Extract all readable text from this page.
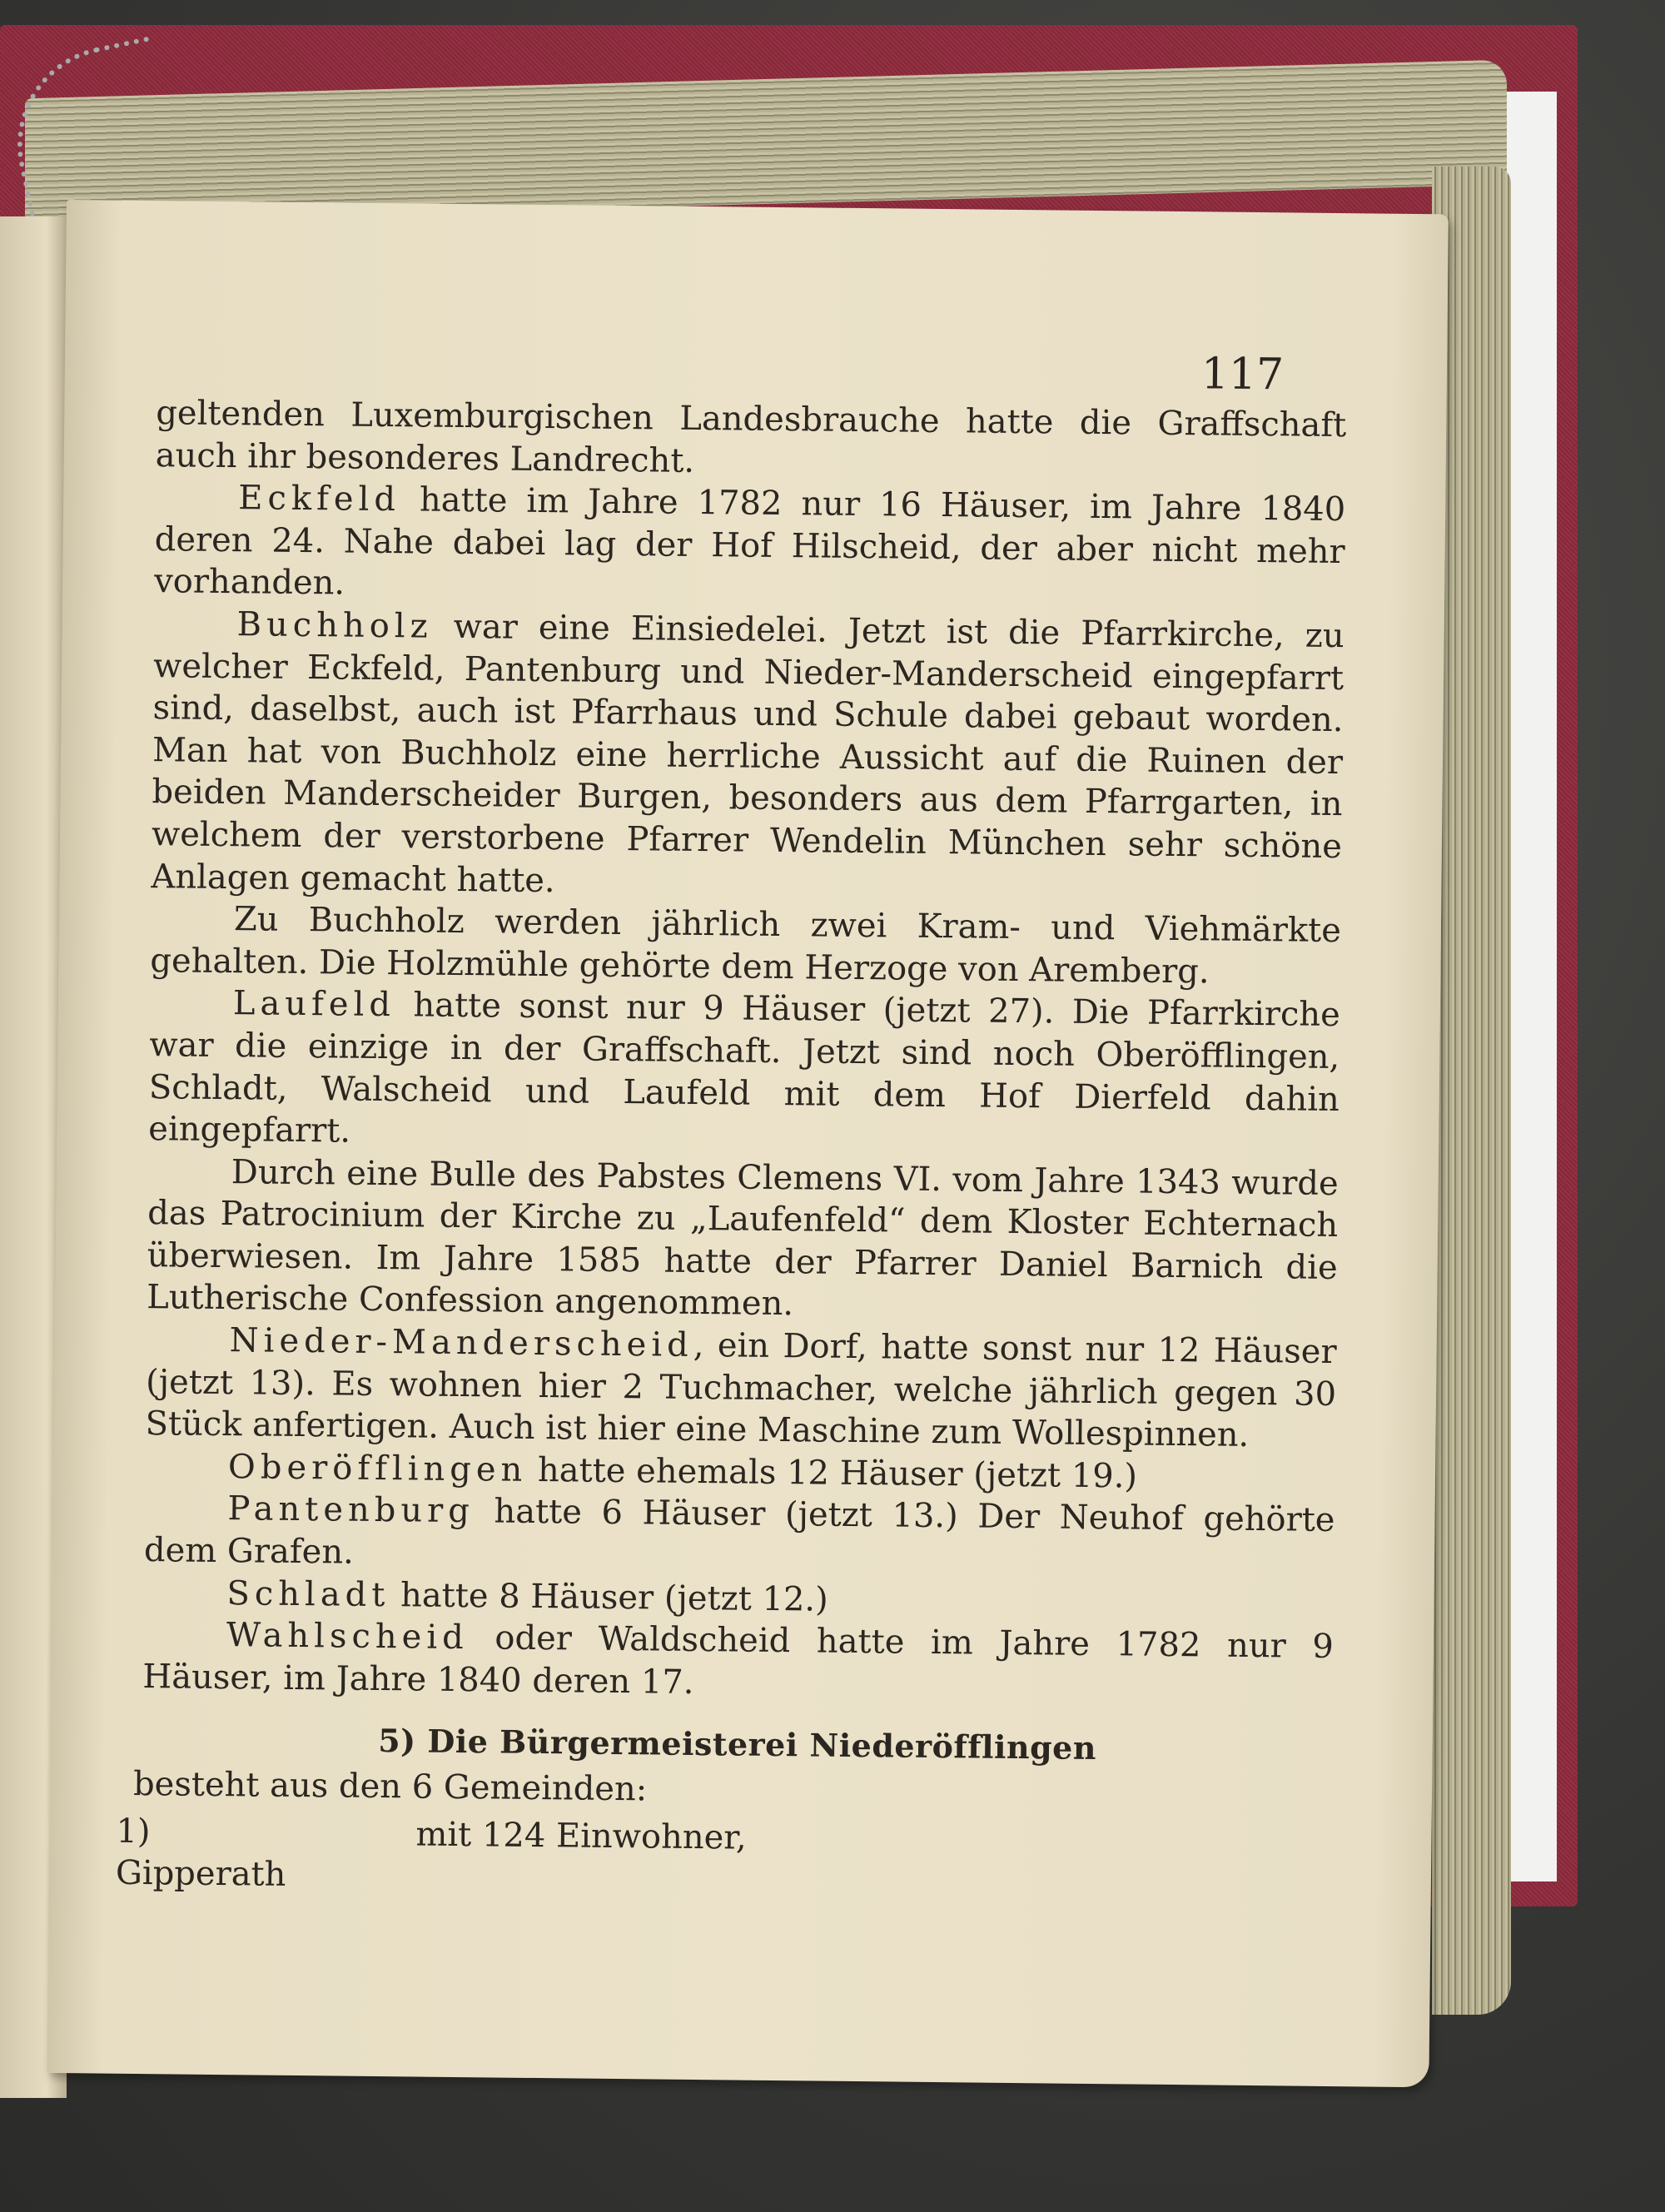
117

geltenden Luxemburgischen Landesbrauche hatte die Graffschaft auch ihr besonderes Landrecht.

Eckfeld hatte im Jahre 1782 nur 16 Häuser, im Jahre 1840 deren 24. Nahe dabei lag der Hof Hilscheid, der aber nicht mehr vorhanden.

Buchholz war eine Einsiedelei. Jetzt ist die Pfarrkirche, zu welcher Eckfeld, Pantenburg und Nieder-Manderscheid eingepfarrt sind, daselbst, auch ist Pfarrhaus und Schule dabei gebaut worden. Man hat von Buchholz eine herrliche Aussicht auf die Ruinen der beiden Manderscheider Burgen, besonders aus dem Pfarrgarten, in welchem der verstorbene Pfarrer Wendelin München sehr schöne Anlagen gemacht hatte.

Zu Buchholz werden jährlich zwei Kram- und Viehmärkte gehalten. Die Holzmühle gehörte dem Herzoge von Aremberg.

Laufeld hatte sonst nur 9 Häuser (jetzt 27). Die Pfarrkirche war die einzige in der Graffschaft. Jetzt sind noch Oberöfflingen, Schladt, Walscheid und Laufeld mit dem Hof Dierfeld dahin eingepfarrt.

Durch eine Bulle des Pabstes Clemens VI. vom Jahre 1343 wurde das Patrocinium der Kirche zu „Laufenfeld“ dem Kloster Echternach überwiesen. Im Jahre 1585 hatte der Pfarrer Daniel Barnich die Lutherische Confession angenommen.

Nieder-Manderscheid, ein Dorf, hatte sonst nur 12 Häuser (jetzt 13). Es wohnen hier 2 Tuchmacher, welche jährlich gegen 30 Stück anfertigen. Auch ist hier eine Maschine zum Wollespinnen.

Oberöfflingen hatte ehemals 12 Häuser (jetzt 19.)

Pantenburg hatte 6 Häuser (jetzt 13.) Der Neuhof gehörte dem Grafen.

Schladt hatte 8 Häuser (jetzt 12.)

Wahlscheid oder Waldscheid hatte im Jahre 1782 nur 9 Häuser, im Jahre 1840 deren 17.

5) Die Bürgermeisterei Niederöfflingen

besteht aus den 6 Gemeinden:

1) Gipperath
mit 124 Einwohner,
